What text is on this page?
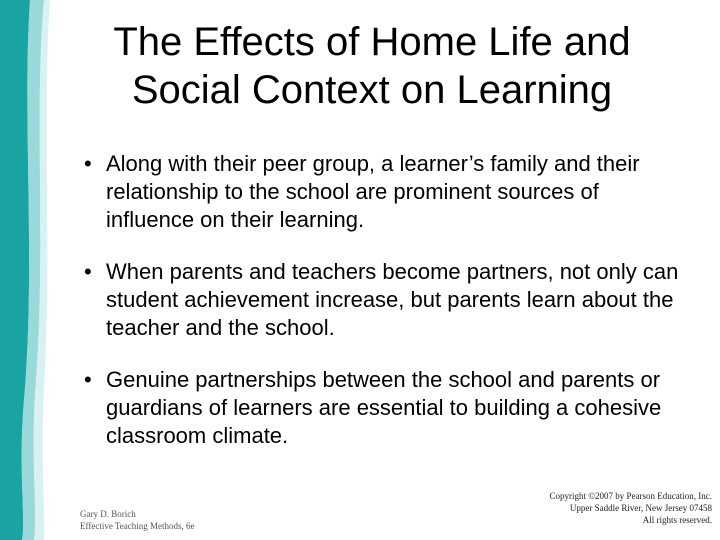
The Effects of Home Life and
Social Context on Learning
• Along with their peer group, a learner’s family and their relationship to the school are prominent sources of influence on their learning.
• When parents and teachers become partners, not only can student achievement increase, but parents learn about the teacher and the school.
• Genuine partnerships between the school and parents or guardians of learners are essential to building a cohesive classroom climate.
Gary D. Borich
Effective Teaching Methods, 6e
Copyright ©2007 by Pearson Education, Inc.
Upper Saddle River, New Jersey 07458
All rights reserved.
